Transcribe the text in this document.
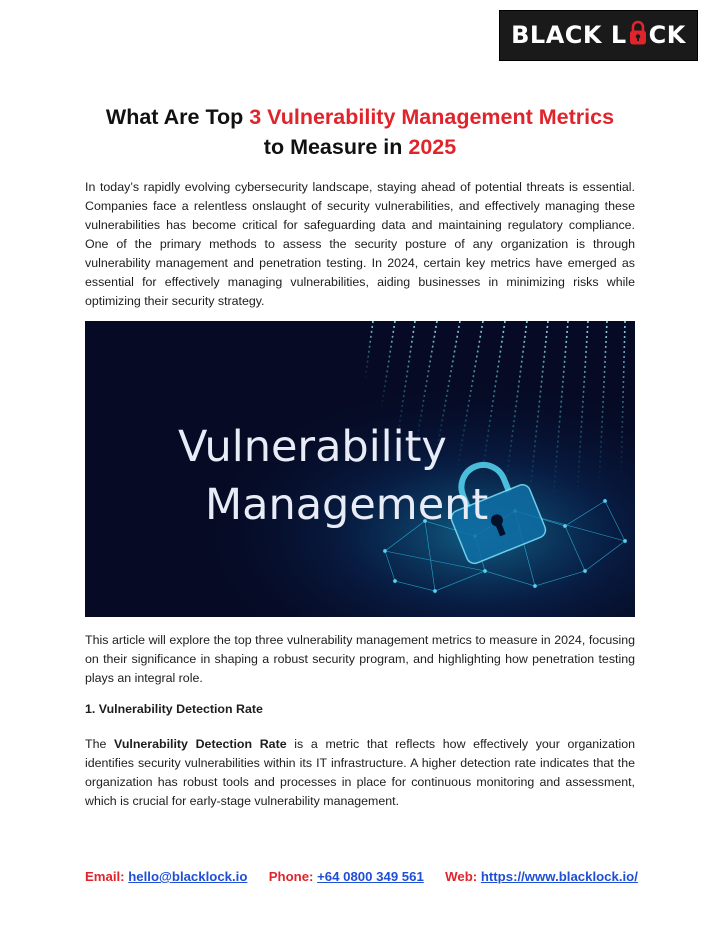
BLACK L CK
What Are Top 3 Vulnerability Management Metrics
to Measure in 2025
In today’s rapidly evolving cybersecurity landscape, staying ahead of potential threats is essential. Companies face a relentless onslaught of security vulnerabilities, and effectively managing these vulnerabilities has become critical for safeguarding data and maintaining regulatory compliance. One of the primary methods to assess the security posture of any organization is through vulnerability management and penetration testing. In 2024, certain key metrics have emerged as essential for effectively managing vulnerabilities, aiding businesses in minimizing risks while optimizing their security strategy.
Vulnerability
Management
This article will explore the top three vulnerability management metrics to measure in 2024, focusing on their significance in shaping a robust security program, and highlighting how penetration testing plays an integral role.
1. Vulnerability Detection Rate
The Vulnerability Detection Rate is a metric that reflects how effectively your organization identifies security vulnerabilities within its IT infrastructure. A higher detection rate indicates that the organization has robust tools and processes in place for continuous monitoring and assessment, which is crucial for early-stage vulnerability management.
Email: hello@blacklock.io Phone: +64 0800 349 561 Web: https://www.blacklock.io/
